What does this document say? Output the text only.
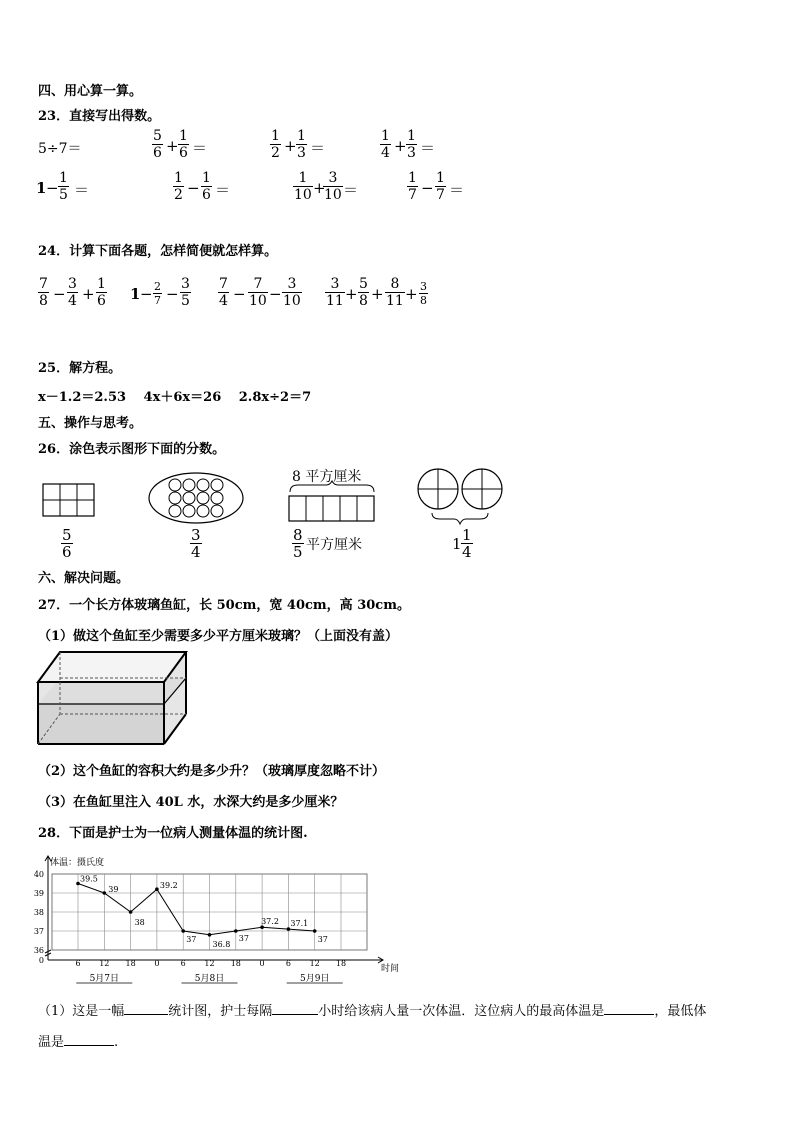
四、用心算一算。
23．直接写出得数。
5÷7＝
5
6 +
1
6 ＝
1
2 +
1
3 ＝
1
4 +
1
3 ＝
1 −
1
5 ＝
1
2 −
1
6 ＝
1
10 +
3
10 ＝
1
7 −
1
7 ＝
24．计算下面各题，怎样简便就怎样算。
7
8 −
3
4 +
1
6 1 − 2
7 −
3
5
7
4 −
7
10 −
3
10
3
11 +
5
8 +
8
11 + 3
8
25．解方程。
x－1.2＝2.53　 4x＋6x＝26　 2.8x÷2＝7
五、操作与思考。
26．涂色表示图形下面的分数。
5
6
3
4
8 平方厘米
8
5 平方厘米	1 1
4
六、解决问题。
27．一个长方体玻璃鱼缸，长 50cm，宽 40cm，高 30cm。
（1）做这个鱼缸至少需要多少平方厘米玻璃？（上面没有盖）
（2）这个鱼缸的容积大约是多少升？（玻璃厚度忽略不计）
（3）在鱼缸里注入 40L 水，水深大约是多少厘米？
28．下面是护士为一位病人测量体温的统计图.
体温：摄氏度
0
36
37
38
39
40
6 12 18 0	6 12 18 0	6 12 18
时间
5月7日	5月8日	5月9日
39.5
39
38
39.2
37
36.8
37
37.2 37.1
37
（1）这是一幅	统计图，护士每隔	小时给该病人量一次体温．这位病人的最高体温是	，最低体
温是	.
